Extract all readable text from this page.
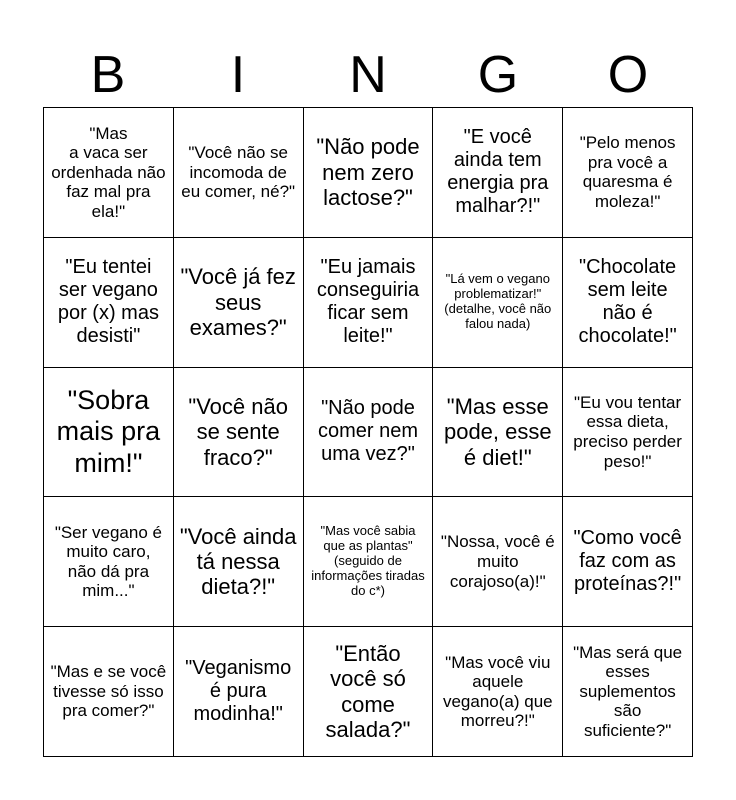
B	I	N	G	O
"Mas
a vaca ser ordenhada não faz mal pra ela!"
"Você não se incomoda de eu comer, né?"
"Não pode nem zero lactose?"
"E você ainda tem energia pra malhar?!"
"Pelo menos pra você a quaresma é moleza!"
"Eu tentei ser vegano por (x) mas desisti"
"Você já fez seus exames?"
"Eu jamais conseguiria ficar sem leite!"
"Lá vem o vegano problematizar!"
(detalhe, você não falou nada)
"Chocolate sem leite não é chocolate!"
"Sobra mais pra mim!"
"Você não se sente fraco?"
"Não pode comer nem uma vez?"
"Mas esse pode, esse é diet!"
"Eu vou tentar essa dieta, preciso perder peso!"
"Ser vegano é muito caro, não dá pra mim..."
"Você ainda tá nessa dieta?!"
"Mas você sabia que as plantas"
(seguido de informações tiradas do c*)
"Nossa, você é muito corajoso(a)!"
"Como você faz com as proteínas?!"
"Mas e se você tivesse só isso pra comer?"
"Veganismo é pura modinha!"
"Então você só come salada?"
"Mas você viu aquele vegano(a) que morreu?!"
"Mas será que esses suplementos são suficiente?"
